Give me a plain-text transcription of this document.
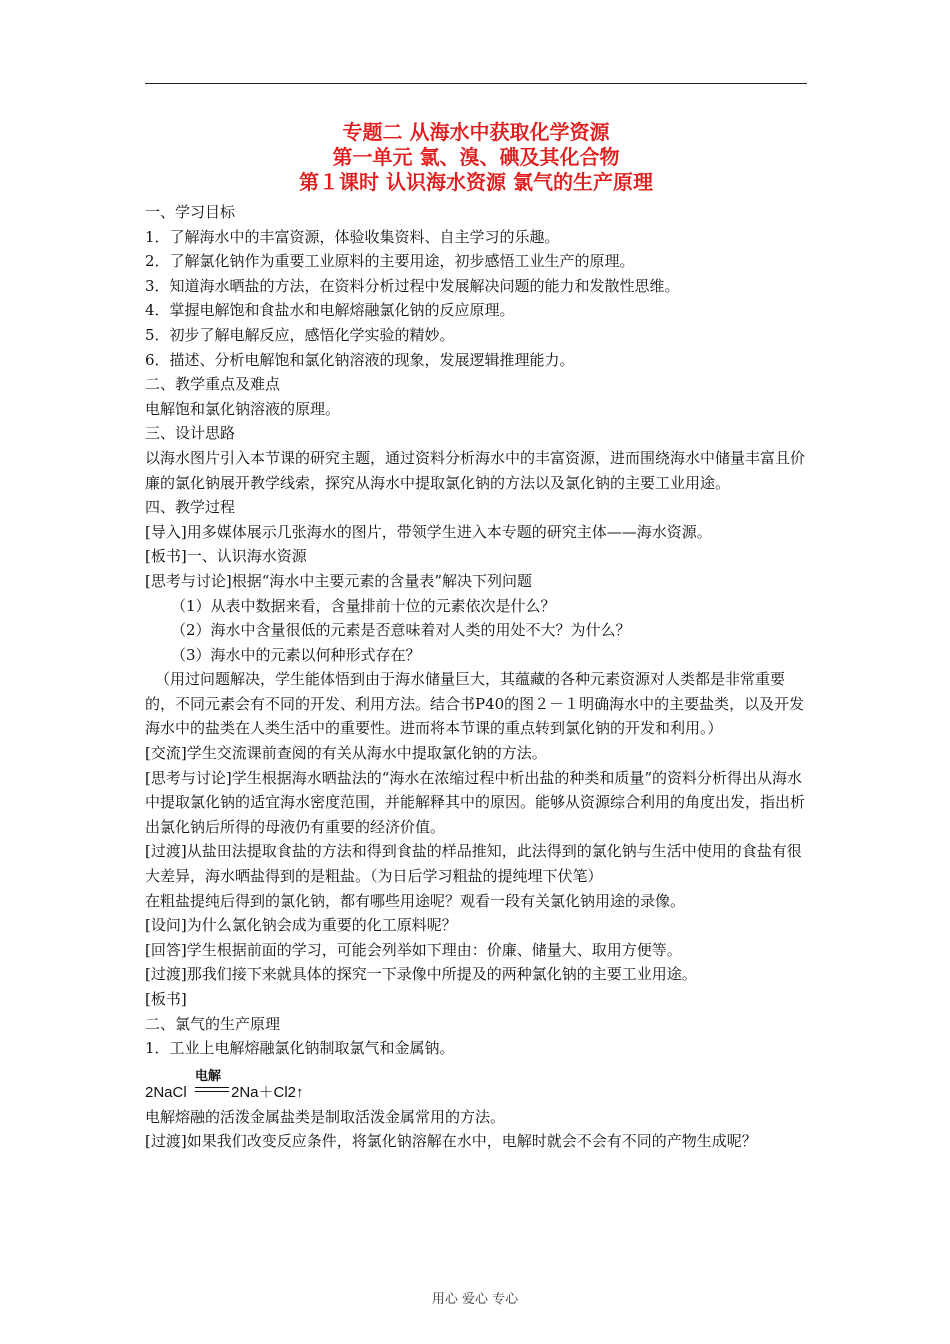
专题二 从海水中获取化学资源
第一单元 氯、溴、碘及其化合物
第１课时 认识海水资源 氯气的生产原理

一、学习目标

1．了解海水中的丰富资源，体验收集资料、自主学习的乐趣。

2．了解氯化钠作为重要工业原料的主要用途，初步感悟工业生产的原理。

3．知道海水晒盐的方法，在资料分析过程中发展解决问题的能力和发散性思维。

4．掌握电解饱和食盐水和电解熔融氯化钠的反应原理。

5．初步了解电解反应，感悟化学实验的精妙。

6．描述、分析电解饱和氯化钠溶液的现象，发展逻辑推理能力。

二、教学重点及难点

电解饱和氯化钠溶液的原理。

三、设计思路

以海水图片引入本节课的研究主题，通过资料分析海水中的丰富资源，进而围绕海水中储量丰富且价廉的氯化钠展开教学线索，探究从海水中提取氯化钠的方法以及氯化钠的主要工业用途。

四、教学过程

[导入]用多媒体展示几张海水的图片，带领学生进入本专题的研究主体——海水资源。

[板书]一、认识海水资源

[思考与讨论]根据“海水中主要元素的含量表”解决下列问题

（1）从表中数据来看，含量排前十位的元素依次是什么？

（2）海水中含量很低的元素是否意味着对人类的用处不大？为什么？

（3）海水中的元素以何种形式存在？

（用过问题解决，学生能体悟到由于海水储量巨大，其蕴藏的各种元素资源对人类都是非常重要的，不同元素会有不同的开发、利用方法。结合书P40的图２－１明确海水中的主要盐类，以及开发海水中的盐类在人类生活中的重要性。进而将本节课的重点转到氯化钠的开发和利用。）

[交流]学生交流课前查阅的有关从海水中提取氯化钠的方法。

[思考与讨论]学生根据海水晒盐法的“海水在浓缩过程中析出盐的种类和质量”的资料分析得出从海水中提取氯化钠的适宜海水密度范围，并能解释其中的原因。能够从资源综合利用的角度出发，指出析出氯化钠后所得的母液仍有重要的经济价值。

[过渡]从盐田法提取食盐的方法和得到食盐的样品推知，此法得到的氯化钠与生活中使用的食盐有很大差异，海水晒盐得到的是粗盐。（为日后学习粗盐的提纯埋下伏笔）

在粗盐提纯后得到的氯化钠，都有哪些用途呢？观看一段有关氯化钠用途的录像。

[设问]为什么氯化钠会成为重要的化工原料呢？

[回答]学生根据前面的学习，可能会列举如下理由：价廉、储量大、取用方便等。

[过渡]那我们接下来就具体的探究一下录像中所提及的两种氯化钠的主要工业用途。

[板书]

二、氯气的生产原理

1．工业上电解熔融氯化钠制取氯气和金属钠。

2NaCl
电解
2Na＋Cl2↑

电解熔融的活泼金属盐类是制取活泼金属常用的方法。

[过渡]如果我们改变反应条件，将氯化钠溶解在水中，电解时就会不会有不同的产物生成呢？

用心 爱心 专心
